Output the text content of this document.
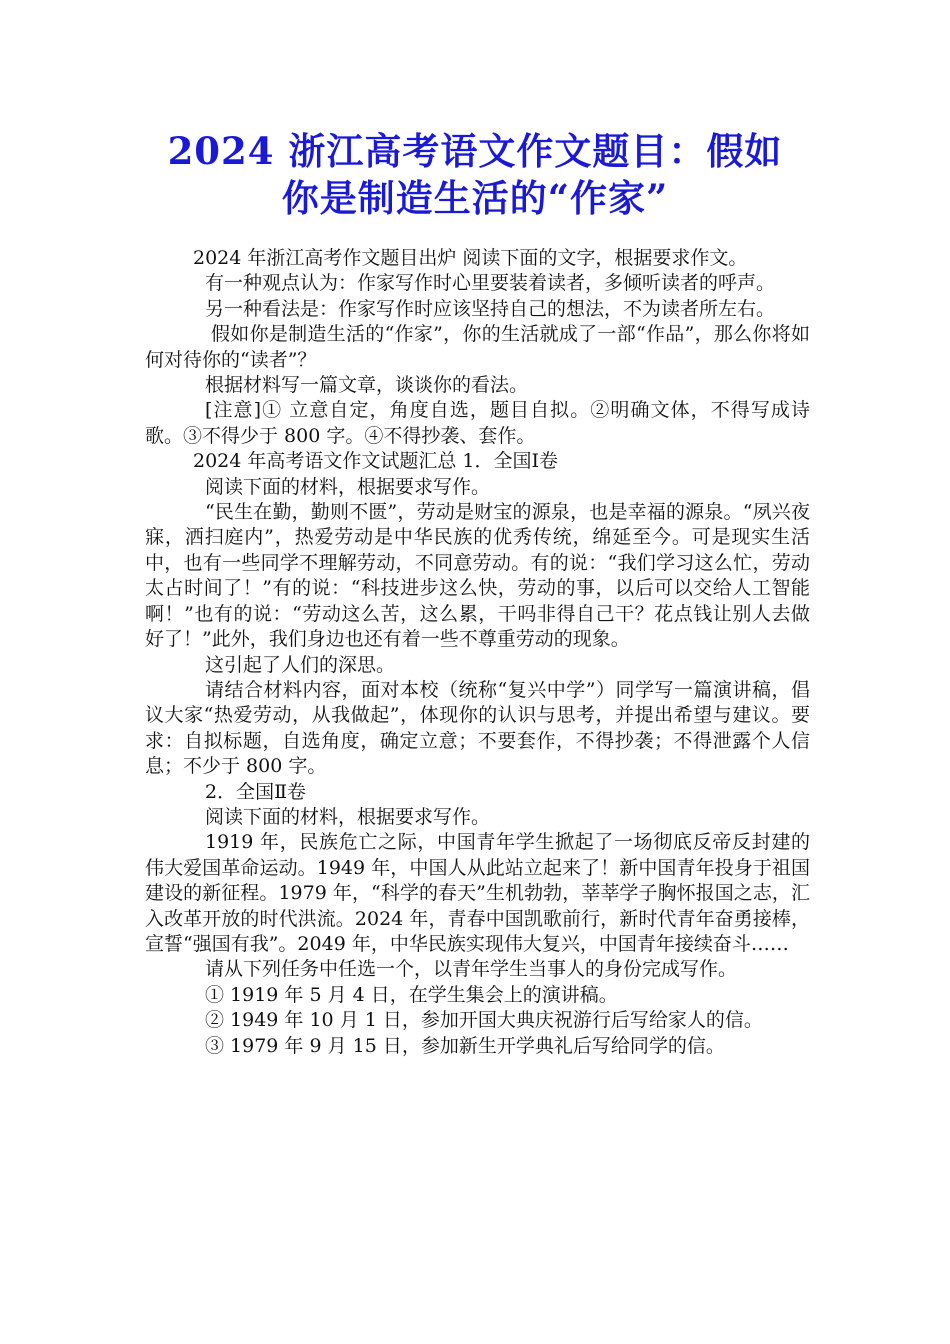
2024 浙江高考语文作文题目：假如
你是制造生活的“作家”

2024 年浙江高考作文题目出炉 阅读下面的文字，根据要求作文。

有一种观点认为：作家写作时心里要装着读者，多倾听读者的呼声。

另一种看法是：作家写作时应该坚持自己的想法，不为读者所左右。

假如你是制造生活的“作家”，你的生活就成了一部“作品”，那么你将如何对待你的“读者”？

根据材料写一篇文章，谈谈你的看法。

[注意]① 立意自定，角度自选，题目自拟。②明确文体，不得写成诗歌。③不得少于 800 字。④不得抄袭、套作。

2024 年高考语文作文试题汇总 1．全国Ⅰ卷

阅读下面的材料，根据要求写作。

“民生在勤，勤则不匮”，劳动是财宝的源泉，也是幸福的源泉。“夙兴夜寐，洒扫庭内”，热爱劳动是中华民族的优秀传统，绵延至今。可是现实生活中，也有一些同学不理解劳动，不同意劳动。有的说：“我们学习这么忙，劳动太占时间了！”有的说：“科技进步这么快，劳动的事，以后可以交给人工智能啊！”也有的说：“劳动这么苦，这么累，干吗非得自己干？花点钱让别人去做好了！”此外，我们身边也还有着一些不尊重劳动的现象。

这引起了人们的深思。

请结合材料内容，面对本校（统称“复兴中学”）同学写一篇演讲稿，倡议大家“热爱劳动，从我做起”，体现你的认识与思考，并提出希望与建议。要求：自拟标题，自选角度，确定立意；不要套作，不得抄袭；不得泄露个人信息；不少于 800 字。

2．全国Ⅱ卷

阅读下面的材料，根据要求写作。

1919 年，民族危亡之际，中国青年学生掀起了一场彻底反帝反封建的伟大爱国革命运动。1949 年，中国人从此站立起来了！新中国青年投身于祖国建设的新征程。1979 年，“科学的春天”生机勃勃，莘莘学子胸怀报国之志，汇入改革开放的时代洪流。2024 年，青春中国凯歌前行，新时代青年奋勇接棒，宣誓“强国有我”。2049 年，中华民族实现伟大复兴，中国青年接续奋斗……

请从下列任务中任选一个，以青年学生当事人的身份完成写作。

① 1919 年 5 月 4 日，在学生集会上的演讲稿。

② 1949 年 10 月 1 日，参加开国大典庆祝游行后写给家人的信。

③ 1979 年 9 月 15 日，参加新生开学典礼后写给同学的信。
